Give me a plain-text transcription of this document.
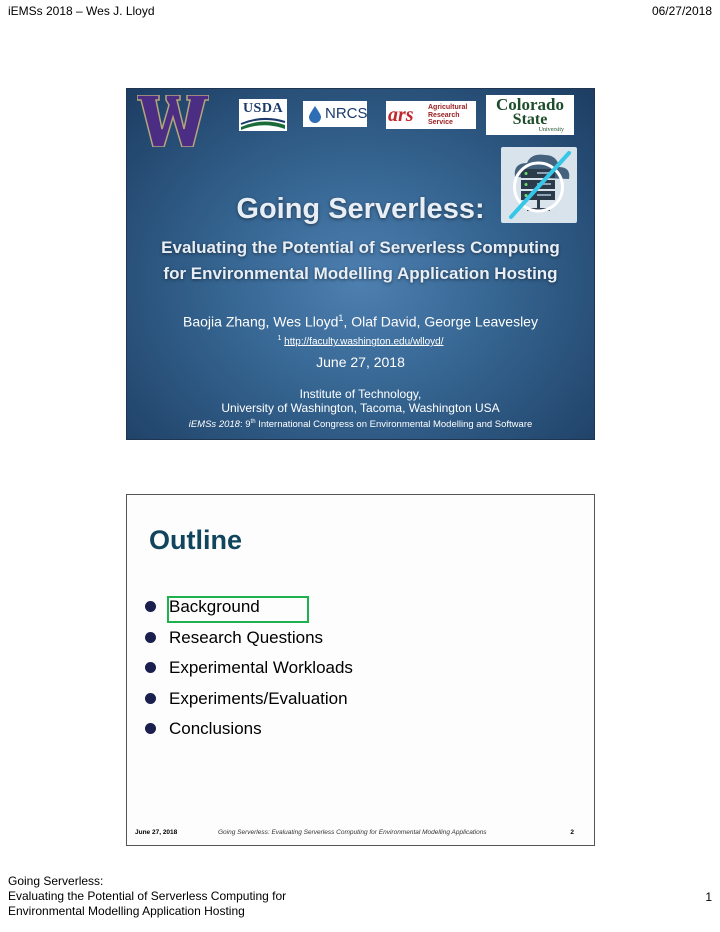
iEMSs 2018 – Wes J. Lloyd	06/27/2018
USDA	NRCS ars Agricultural
Research
Service
Colorado
State
University
Going Serverless:
Evaluating the Potential of Serverless Computing
for Environmental Modelling Application Hosting
Baojia Zhang, Wes Lloyd$^1$, Olaf David, George Leavesley
$^1$ http://faculty.washington.edu/wlloyd/
June 27, 2018
Institute of Technology,
University of Washington, Tacoma, Washington USA
iEMSs 2018: 9th International Congress on Environmental Modelling and Software
Outline
Background
Research Questions
Experimental Workloads
Experiments/Evaluation
Conclusions
June 27, 2018	Going Serverless: Evaluating Serverless Computing for Environmental Modelling Applications	2
Going Serverless:
Evaluating the Potential of Serverless Computing for
Environmental Modelling Application Hosting
1
